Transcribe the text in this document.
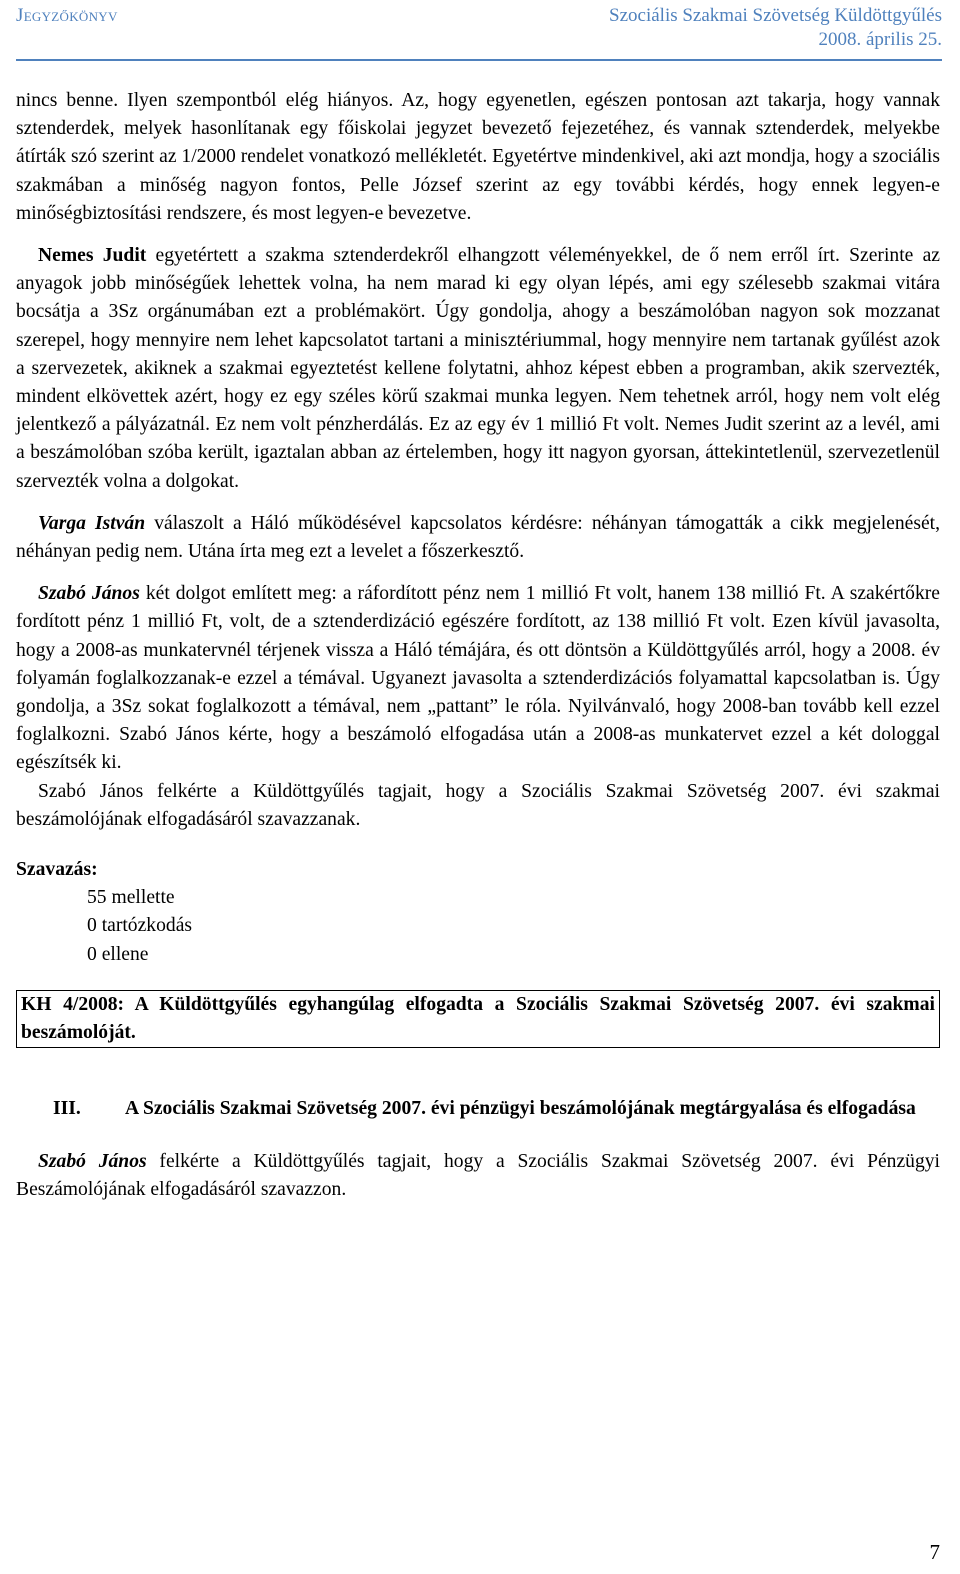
Jegyzőkönyv	Szociális Szakmai Szövetség Küldöttgyűlés
2008. április 25.

nincs benne. Ilyen szempontból elég hiányos. Az, hogy egyenetlen, egészen pontosan azt takarja, hogy vannak sztenderdek, melyek hasonlítanak egy főiskolai jegyzet bevezető fejezetéhez, és vannak sztenderdek, melyekbe átírták szó szerint az 1/2000 rendelet vonatkozó mellékletét. Egyetértve mindenkivel, aki azt mondja, hogy a szociális szakmában a minőség nagyon fontos, Pelle József szerint az egy további kérdés, hogy ennek legyen-e minőségbiztosítási rendszere, és most legyen-e bevezetve.

Nemes Judit egyetértett a szakma sztenderdekről elhangzott véleményekkel, de ő nem erről írt. Szerinte az anyagok jobb minőségűek lehettek volna, ha nem marad ki egy olyan lépés, ami egy szélesebb szakmai vitára bocsátja a 3Sz orgánumában ezt a problémakört. Úgy gondolja, ahogy a beszámolóban nagyon sok mozzanat szerepel, hogy mennyire nem lehet kapcsolatot tartani a minisztériummal, hogy mennyire nem tartanak gyűlést azok a szervezetek, akiknek a szakmai egyeztetést kellene folytatni, ahhoz képest ebben a programban, akik szervezték, mindent elkövettek azért, hogy ez egy széles körű szakmai munka legyen. Nem tehetnek arról, hogy nem volt elég jelentkező a pályázatnál. Ez nem volt pénzherdálás. Ez az egy év 1 millió Ft volt. Nemes Judit szerint az a levél, ami a beszámolóban szóba került, igaztalan abban az értelemben, hogy itt nagyon gyorsan, áttekintetlenül, szervezetlenül szervezték volna a dolgokat.

Varga István válaszolt a Háló működésével kapcsolatos kérdésre: néhányan támogatták a cikk megjelenését, néhányan pedig nem. Utána írta meg ezt a levelet a főszerkesztő.

Szabó János két dolgot említett meg: a ráfordított pénz nem 1 millió Ft volt, hanem 138 millió Ft. A szakértőkre fordított pénz 1 millió Ft, volt, de a sztenderdizáció egészére fordított, az 138 millió Ft volt. Ezen kívül javasolta, hogy a 2008-as munkatervnél térjenek vissza a Háló témájára, és ott döntsön a Küldöttgyűlés arról, hogy a 2008. év folyamán foglalkozzanak-e ezzel a témával. Ugyanezt javasolta a sztenderdizációs folyamattal kapcsolatban is. Úgy gondolja, a 3Sz sokat foglalkozott a témával, nem „pattant” le róla. Nyilvánvaló, hogy 2008-ban tovább kell ezzel foglalkozni. Szabó János kérte, hogy a beszámoló elfogadása után a 2008-as munkatervet ezzel a két dologgal egészítsék ki.

Szabó János felkérte a Küldöttgyűlés tagjait, hogy a Szociális Szakmai Szövetség 2007. évi szakmai beszámolójának elfogadásáról szavazzanak.

Szavazás:
55 mellette
0 tartózkodás
0 ellene
KH 4/2008: A Küldöttgyűlés egyhangúlag elfogadta a Szociális Szakmai Szövetség 2007. évi szakmai beszámolóját.
III.	A Szociális Szakmai Szövetség 2007. évi pénzügyi beszámolójának megtárgyalása és elfogadása

Szabó János felkérte a Küldöttgyűlés tagjait, hogy a Szociális Szakmai Szövetség 2007. évi Pénzügyi Beszámolójának elfogadásáról szavazzon.

7
